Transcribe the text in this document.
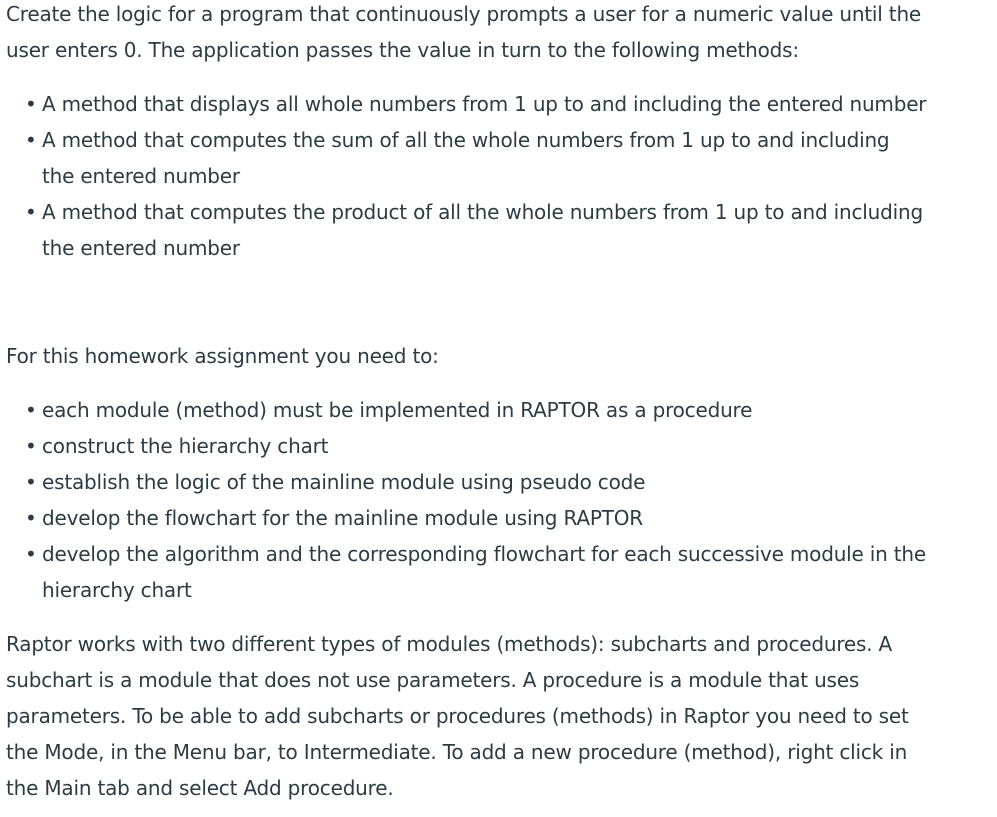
Create the logic for a program that continuously prompts a user for a numeric value until the
user enters 0. The application passes the value in turn to the following methods:
• A method that displays all whole numbers from 1 up to and including the entered number
• A method that computes the sum of all the whole numbers from 1 up to and including
the entered number
• A method that computes the product of all the whole numbers from 1 up to and including
the entered number
For this homework assignment you need to:
• each module (method) must be implemented in RAPTOR as a procedure
• construct the hierarchy chart
• establish the logic of the mainline module using pseudo code
• develop the flowchart for the mainline module using RAPTOR
• develop the algorithm and the corresponding flowchart for each successive module in the
hierarchy chart
Raptor works with two different types of modules (methods): subcharts and procedures. A
subchart is a module that does not use parameters. A procedure is a module that uses
parameters. To be able to add subcharts or procedures (methods) in Raptor you need to set
the Mode, in the Menu bar, to Intermediate. To add a new procedure (method), right click in
the Main tab and select Add procedure.
